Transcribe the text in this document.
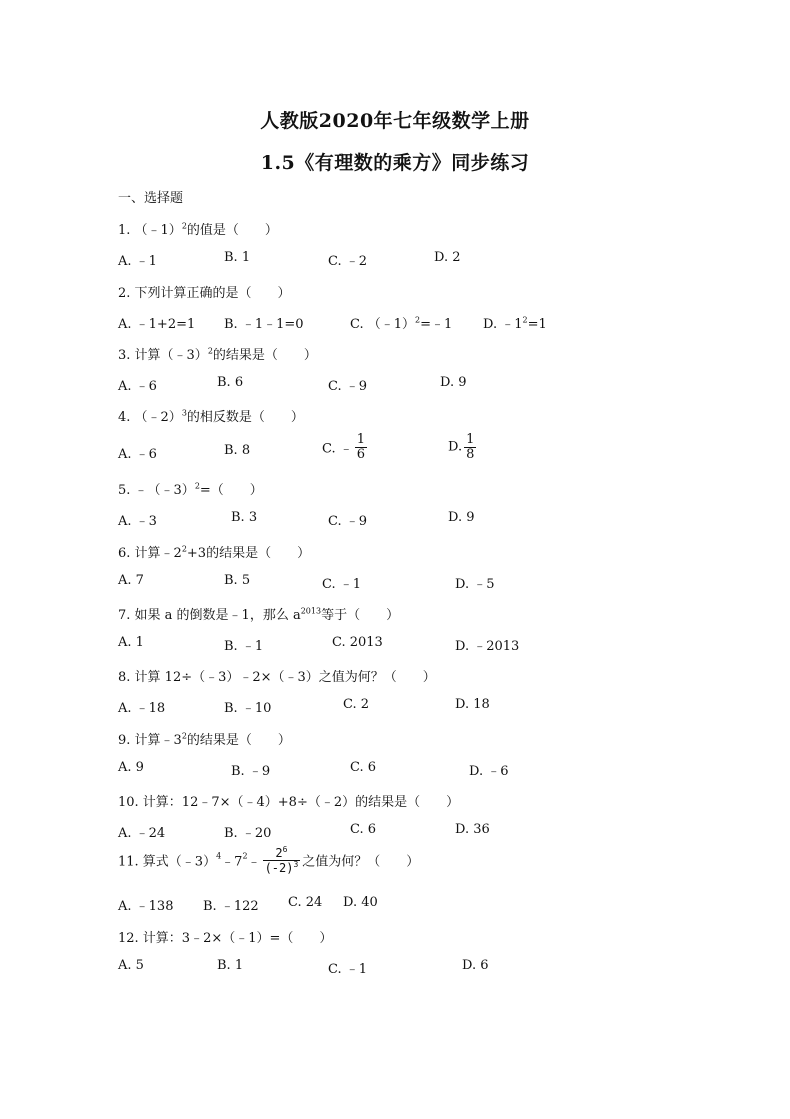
人教版2020年七年级数学上册
1.5《有理数的乘方》同步练习
一、选择题
1. （﹣1）$^2$的值是（　　）
A. ﹣1	B. 1	C. ﹣2	D. 2
2. 下列计算正确的是（　　）
A. ﹣1+2=1 B. ﹣1﹣1=0	C. （﹣1）$^2$=﹣1 D. $﹣1^2=1$
3. 计算（﹣3）$^2$的结果是（　　）
A. ﹣6	B. 6	C. ﹣9	D. 9
4. （﹣2）$^3$的相反数是（　　）
A. ﹣6	B. 8	C. ﹣ $\frac{1}{6}$	D. $\frac{1}{8}$
5. ﹣（﹣3）$^2$=（　　）
A. ﹣3	B. 3	C. ﹣9	D. 9
6. 计算$﹣2^2+3$的结果是（　　）
A. 7	B. 5	C. ﹣1	D. ﹣5
7. 如果 a 的倒数是﹣1，那么 $a^{2013}$等于（　　）
A. 1	B. ﹣1	C. 2013	D. ﹣2013
8. 计算 12÷（﹣3）﹣2×（﹣3）之值为何？（　　）
A. ﹣18	B. ﹣10	C. 2	D. 18
9. 计算$﹣3^2$的结果是（　　）
A. 9	B. ﹣9	C. 6	D. ﹣6
10. 计算：12﹣7×（﹣4）+8÷（﹣2）的结果是（　　）
A. ﹣24	B. ﹣20	C. 6	D. 36
11. 算式$(﹣3)^4﹣7^2﹣ \frac{2^6}{(-2)^3}$ 之值为何？（　　）
A. ﹣138 B. ﹣122 C. 24 D. 40
12. 计算：3﹣2×（﹣1）=（　　）
A. 5	B. 1	C. ﹣1	D. 6
